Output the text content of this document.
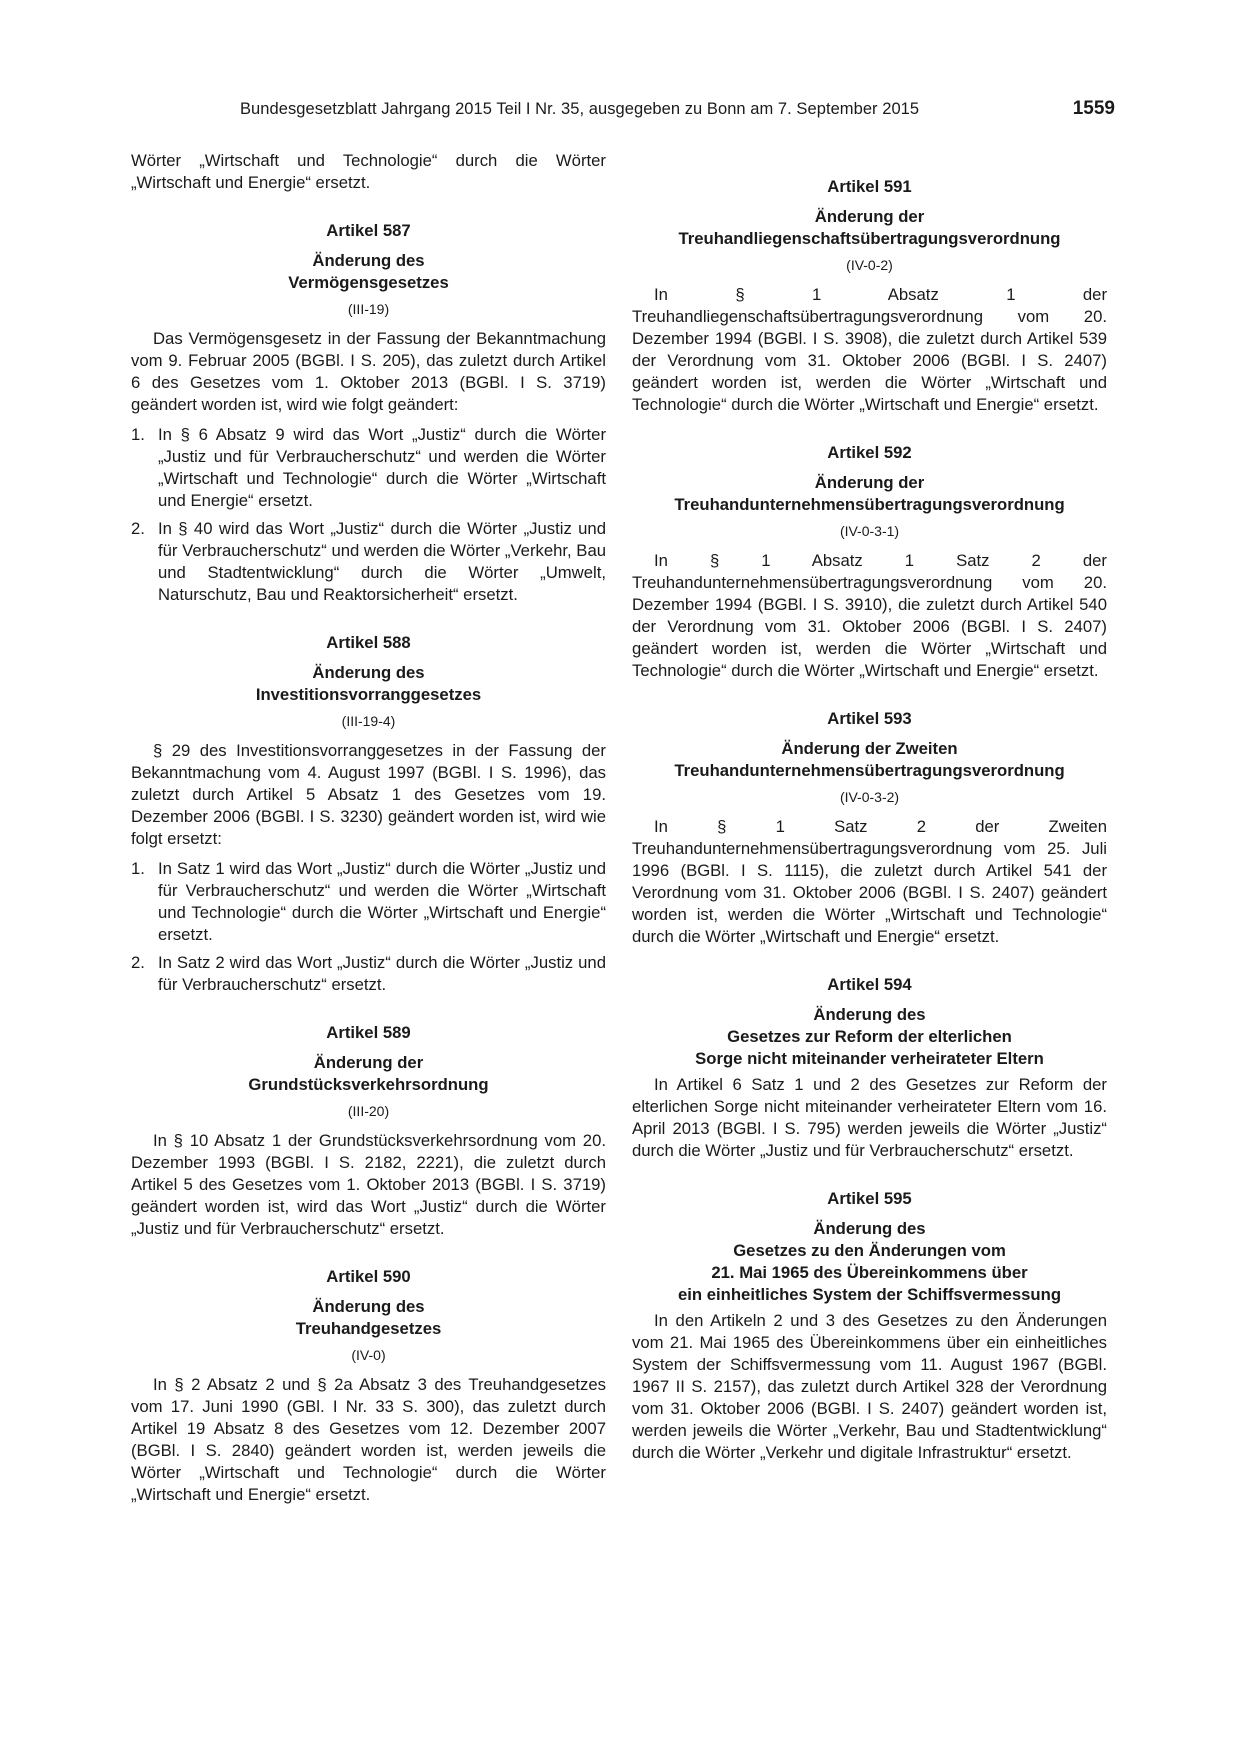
Bundesgesetzblatt Jahrgang 2015 Teil I Nr. 35, ausgegeben zu Bonn am 7. September 2015	1559

Wörter „Wirtschaft und Technologie“ durch die Wörter „Wirtschaft und Energie“ ersetzt.

Artikel 587

Änderung des
Vermögensgesetzes

(III-19)

Das Vermögensgesetz in der Fassung der Bekanntmachung vom 9. Februar 2005 (BGBl. I S. 205), das zuletzt durch Artikel 6 des Gesetzes vom 1. Oktober 2013 (BGBl. I S. 3719) geändert worden ist, wird wie folgt geändert:

1. In § 6 Absatz 9 wird das Wort „Justiz“ durch die Wörter „Justiz und für Verbraucherschutz“ und werden die Wörter „Wirtschaft und Technologie“ durch die Wörter „Wirtschaft und Energie“ ersetzt.
2. In § 40 wird das Wort „Justiz“ durch die Wörter „Justiz und für Verbraucherschutz“ und werden die Wörter „Verkehr, Bau und Stadtentwicklung“ durch die Wörter „Umwelt, Naturschutz, Bau und Reaktorsicherheit“ ersetzt.

Artikel 588

Änderung des
Investitionsvorranggesetzes

(III-19-4)

§ 29 des Investitionsvorranggesetzes in der Fassung der Bekanntmachung vom 4. August 1997 (BGBl. I S. 1996), das zuletzt durch Artikel 5 Absatz 1 des Gesetzes vom 19. Dezember 2006 (BGBl. I S. 3230) geändert worden ist, wird wie folgt ersetzt:

1. In Satz 1 wird das Wort „Justiz“ durch die Wörter „Justiz und für Verbraucherschutz“ und werden die Wörter „Wirtschaft und Technologie“ durch die Wörter „Wirtschaft und Energie“ ersetzt.
2. In Satz 2 wird das Wort „Justiz“ durch die Wörter „Justiz und für Verbraucherschutz“ ersetzt.

Artikel 589

Änderung der
Grundstücksverkehrsordnung

(III-20)

In § 10 Absatz 1 der Grundstücksverkehrsordnung vom 20. Dezember 1993 (BGBl. I S. 2182, 2221), die zuletzt durch Artikel 5 des Gesetzes vom 1. Oktober 2013 (BGBl. I S. 3719) geändert worden ist, wird das Wort „Justiz“ durch die Wörter „Justiz und für Verbraucherschutz“ ersetzt.

Artikel 590

Änderung des
Treuhandgesetzes

(IV-0)

In § 2 Absatz 2 und § 2a Absatz 3 des Treuhandgesetzes vom 17. Juni 1990 (GBl. I Nr. 33 S. 300), das zuletzt durch Artikel 19 Absatz 8 des Gesetzes vom 12. Dezember 2007 (BGBl. I S. 2840) geändert worden ist, werden jeweils die Wörter „Wirtschaft und Technologie“ durch die Wörter „Wirtschaft und Energie“ ersetzt.

Artikel 591

Änderung der
Treuhandliegenschaftsübertragungsverordnung

(IV-0-2)

In § 1 Absatz 1 der Treuhandliegenschaftsübertragungsverordnung vom 20. Dezember 1994 (BGBl. I S. 3908), die zuletzt durch Artikel 539 der Verordnung vom 31. Oktober 2006 (BGBl. I S. 2407) geändert worden ist, werden die Wörter „Wirtschaft und Technologie“ durch die Wörter „Wirtschaft und Energie“ ersetzt.

Artikel 592

Änderung der
Treuhandunternehmensübertragungsverordnung

(IV-0-3-1)

In § 1 Absatz 1 Satz 2 der Treuhandunternehmensübertragungsverordnung vom 20. Dezember 1994 (BGBl. I S. 3910), die zuletzt durch Artikel 540 der Verordnung vom 31. Oktober 2006 (BGBl. I S. 2407) geändert worden ist, werden die Wörter „Wirtschaft und Technologie“ durch die Wörter „Wirtschaft und Energie“ ersetzt.

Artikel 593

Änderung der Zweiten
Treuhandunternehmensübertragungsverordnung

(IV-0-3-2)

In § 1 Satz 2 der Zweiten Treuhandunternehmensübertragungsverordnung vom 25. Juli 1996 (BGBl. I S. 1115), die zuletzt durch Artikel 541 der Verordnung vom 31. Oktober 2006 (BGBl. I S. 2407) geändert worden ist, werden die Wörter „Wirtschaft und Technologie“ durch die Wörter „Wirtschaft und Energie“ ersetzt.

Artikel 594

Änderung des
Gesetzes zur Reform der elterlichen
Sorge nicht miteinander verheirateter Eltern

In Artikel 6 Satz 1 und 2 des Gesetzes zur Reform der elterlichen Sorge nicht miteinander verheirateter Eltern vom 16. April 2013 (BGBl. I S. 795) werden jeweils die Wörter „Justiz“ durch die Wörter „Justiz und für Verbraucherschutz“ ersetzt.

Artikel 595

Änderung des
Gesetzes zu den Änderungen vom
21. Mai 1965 des Übereinkommens über
ein einheitliches System der Schiffsvermessung

In den Artikeln 2 und 3 des Gesetzes zu den Änderungen vom 21. Mai 1965 des Übereinkommens über ein einheitliches System der Schiffsvermessung vom 11. August 1967 (BGBl. 1967 II S. 2157), das zuletzt durch Artikel 328 der Verordnung vom 31. Oktober 2006 (BGBl. I S. 2407) geändert worden ist, werden jeweils die Wörter „Verkehr, Bau und Stadtentwicklung“ durch die Wörter „Verkehr und digitale Infrastruktur“ ersetzt.
